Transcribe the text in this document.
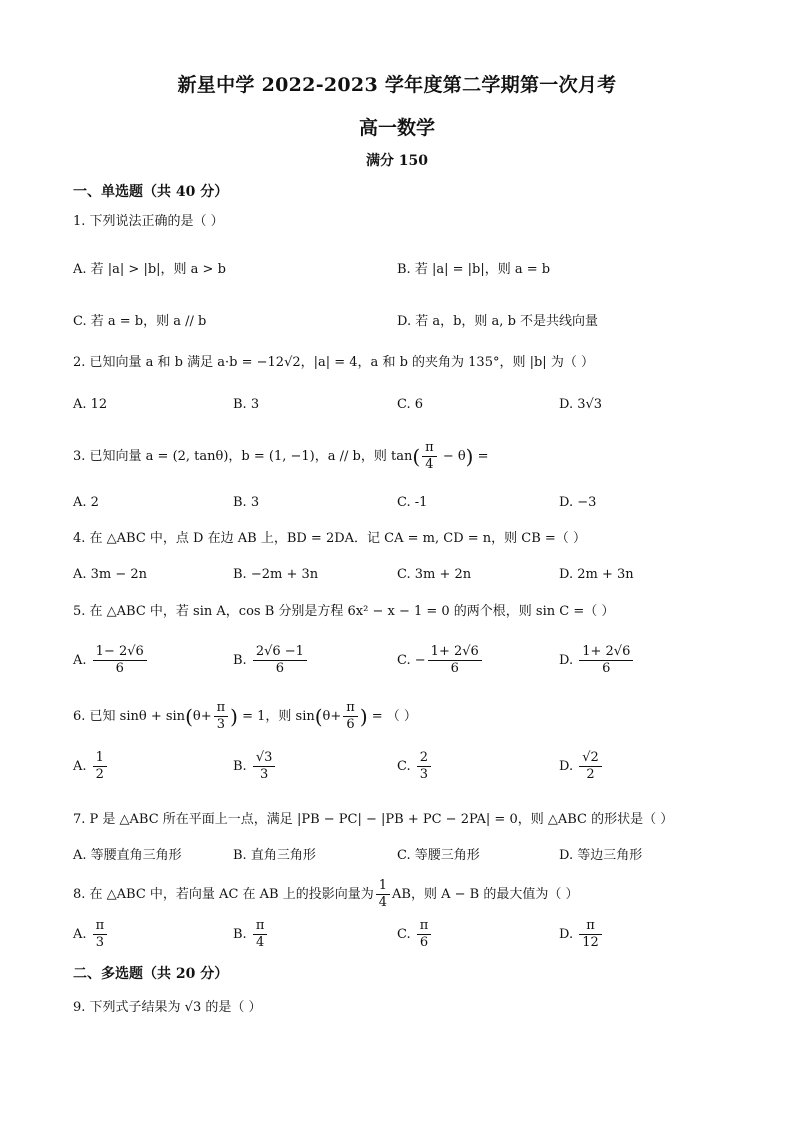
新星中学 2022-2023 学年度第二学期第一次月考
高一数学
满分 150
一、单选题（共 40 分）
1. 下列说法正确的是（ ）
A. 若 |a| > |b|，则 a > b	B. 若 |a| = |b|，则 a = b
C. 若 a = b，则 a // b	D. 若 a，b，则 a, b 不是共线向量
2. 已知向量 a 和 b 满足 a·b = −12√2，|a| = 4，a 和 b 的夹角为 135°，则 |b| 为（ ）
A. 12	B. 3	C. 6	D. 3√3
3. 已知向量 a = (2, tanθ)，b = (1, −1)，a // b，则 $\tan( \frac{\pi}{4} - \theta)$ =
A. 2	B. 3	C. -1	D. −3
4. 在 △ABC 中，点 D 在边 AB 上，BD = 2DA．记 CA = m, CD = n，则 CB =（ ）
A. 3m − 2n	B. −2m + 3n	C. 3m + 2n	D. 2m + 3n
5. 在 △ABC 中，若 sin A，cos B 分别是方程 6x² − x − 1 = 0 的两个根，则 sin C =（ ）
A. $\frac{1- 2√6}{6}$	B. $\frac{2√6 -1}{6}$	C. − $\frac{1+ 2√6}{6}$	D. $\frac{1+ 2√6}{6}$
6. 已知 $\sin\theta + \sin(\theta+ \frac{\pi}{3}$ ) = 1，则 $\sin(\theta+ \frac{\pi}{6}$ ) = （ ）
A. $\frac{1}{2}$	B. $\frac{√3}{3}$	C. $\frac{2}{3}$	D. $\frac{√2}{2}$
7. P 是 △ABC 所在平面上一点，满足 |PB − PC| − |PB + PC − 2PA| = 0，则 △ABC 的形状是（ ）
A. 等腰直角三角形	B. 直角三角形	C. 等腰三角形	D. 等边三角形
8. 在 △ABC 中，若向量 AC 在 AB 上的投影向量为 $\frac{1}{4}$ AB，则 A − B 的最大值为（ ）
A. $\frac{\pi}{3}$	B. $\frac{\pi}{4}$	C. $\frac{\pi}{6}$	D. $\frac{\pi}{12}$
二、多选题（共 20 分）
9. 下列式子结果为 √3 的是（ ）
